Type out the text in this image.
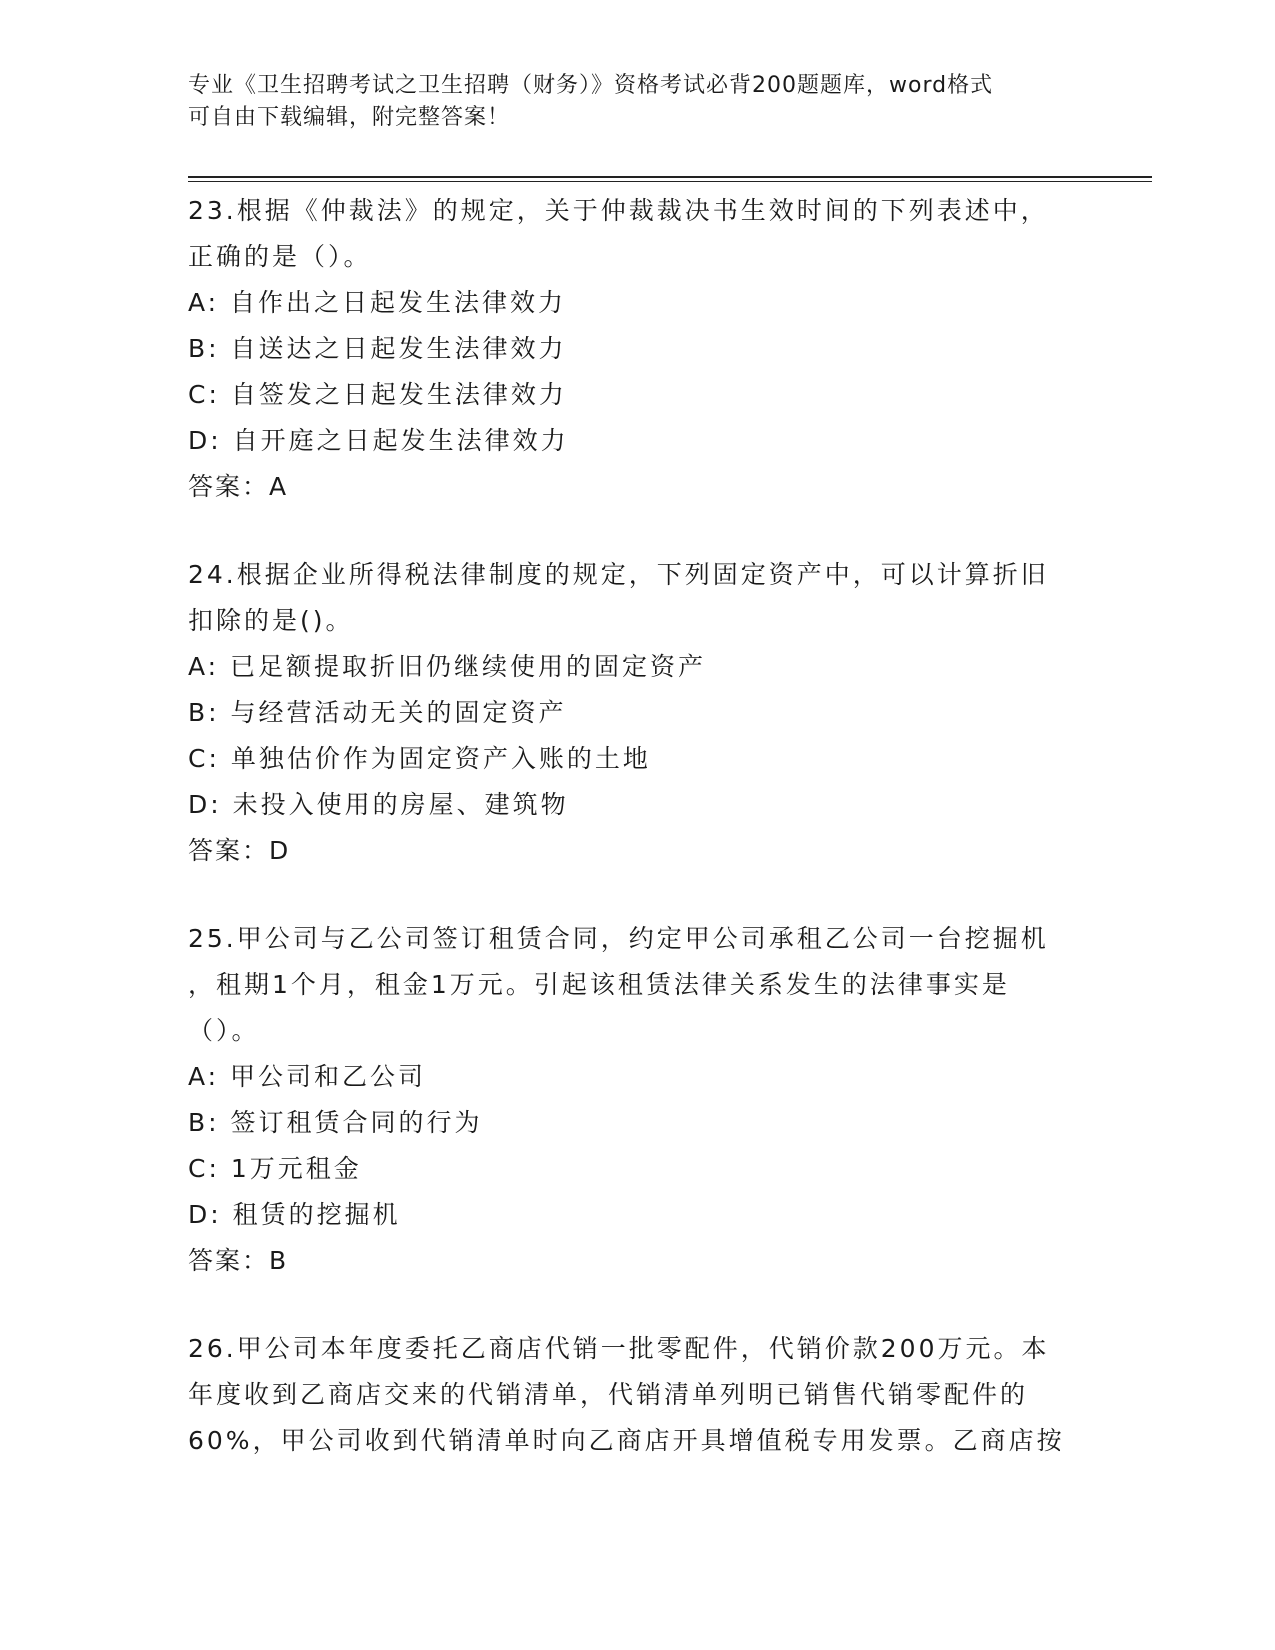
专业《卫生招聘考试之卫生招聘（财务）》资格考试必背200题题库，word格式
可自由下载编辑，附完整答案！

23.根据《仲裁法》的规定，关于仲裁裁决书生效时间的下列表述中，
正确的是（）。

A: 自作出之日起发生法律效力

B: 自送达之日起发生法律效力

C: 自签发之日起发生法律效力

D: 自开庭之日起发生法律效力

答案：A

24.根据企业所得税法律制度的规定，下列固定资产中，可以计算折旧
扣除的是()。

A: 已足额提取折旧仍继续使用的固定资产

B: 与经营活动无关的固定资产

C: 单独估价作为固定资产入账的土地

D: 未投入使用的房屋、建筑物

答案：D

25.甲公司与乙公司签订租赁合同，约定甲公司承租乙公司一台挖掘机
，租期1个月，租金1万元。引起该租赁法律关系发生的法律事实是
（）。

A: 甲公司和乙公司

B: 签订租赁合同的行为

C: 1万元租金

D: 租赁的挖掘机

答案：B

26.甲公司本年度委托乙商店代销一批零配件，代销价款200万元。本
年度收到乙商店交来的代销清单，代销清单列明已销售代销零配件的
60%，甲公司收到代销清单时向乙商店开具增值税专用发票。乙商店按
